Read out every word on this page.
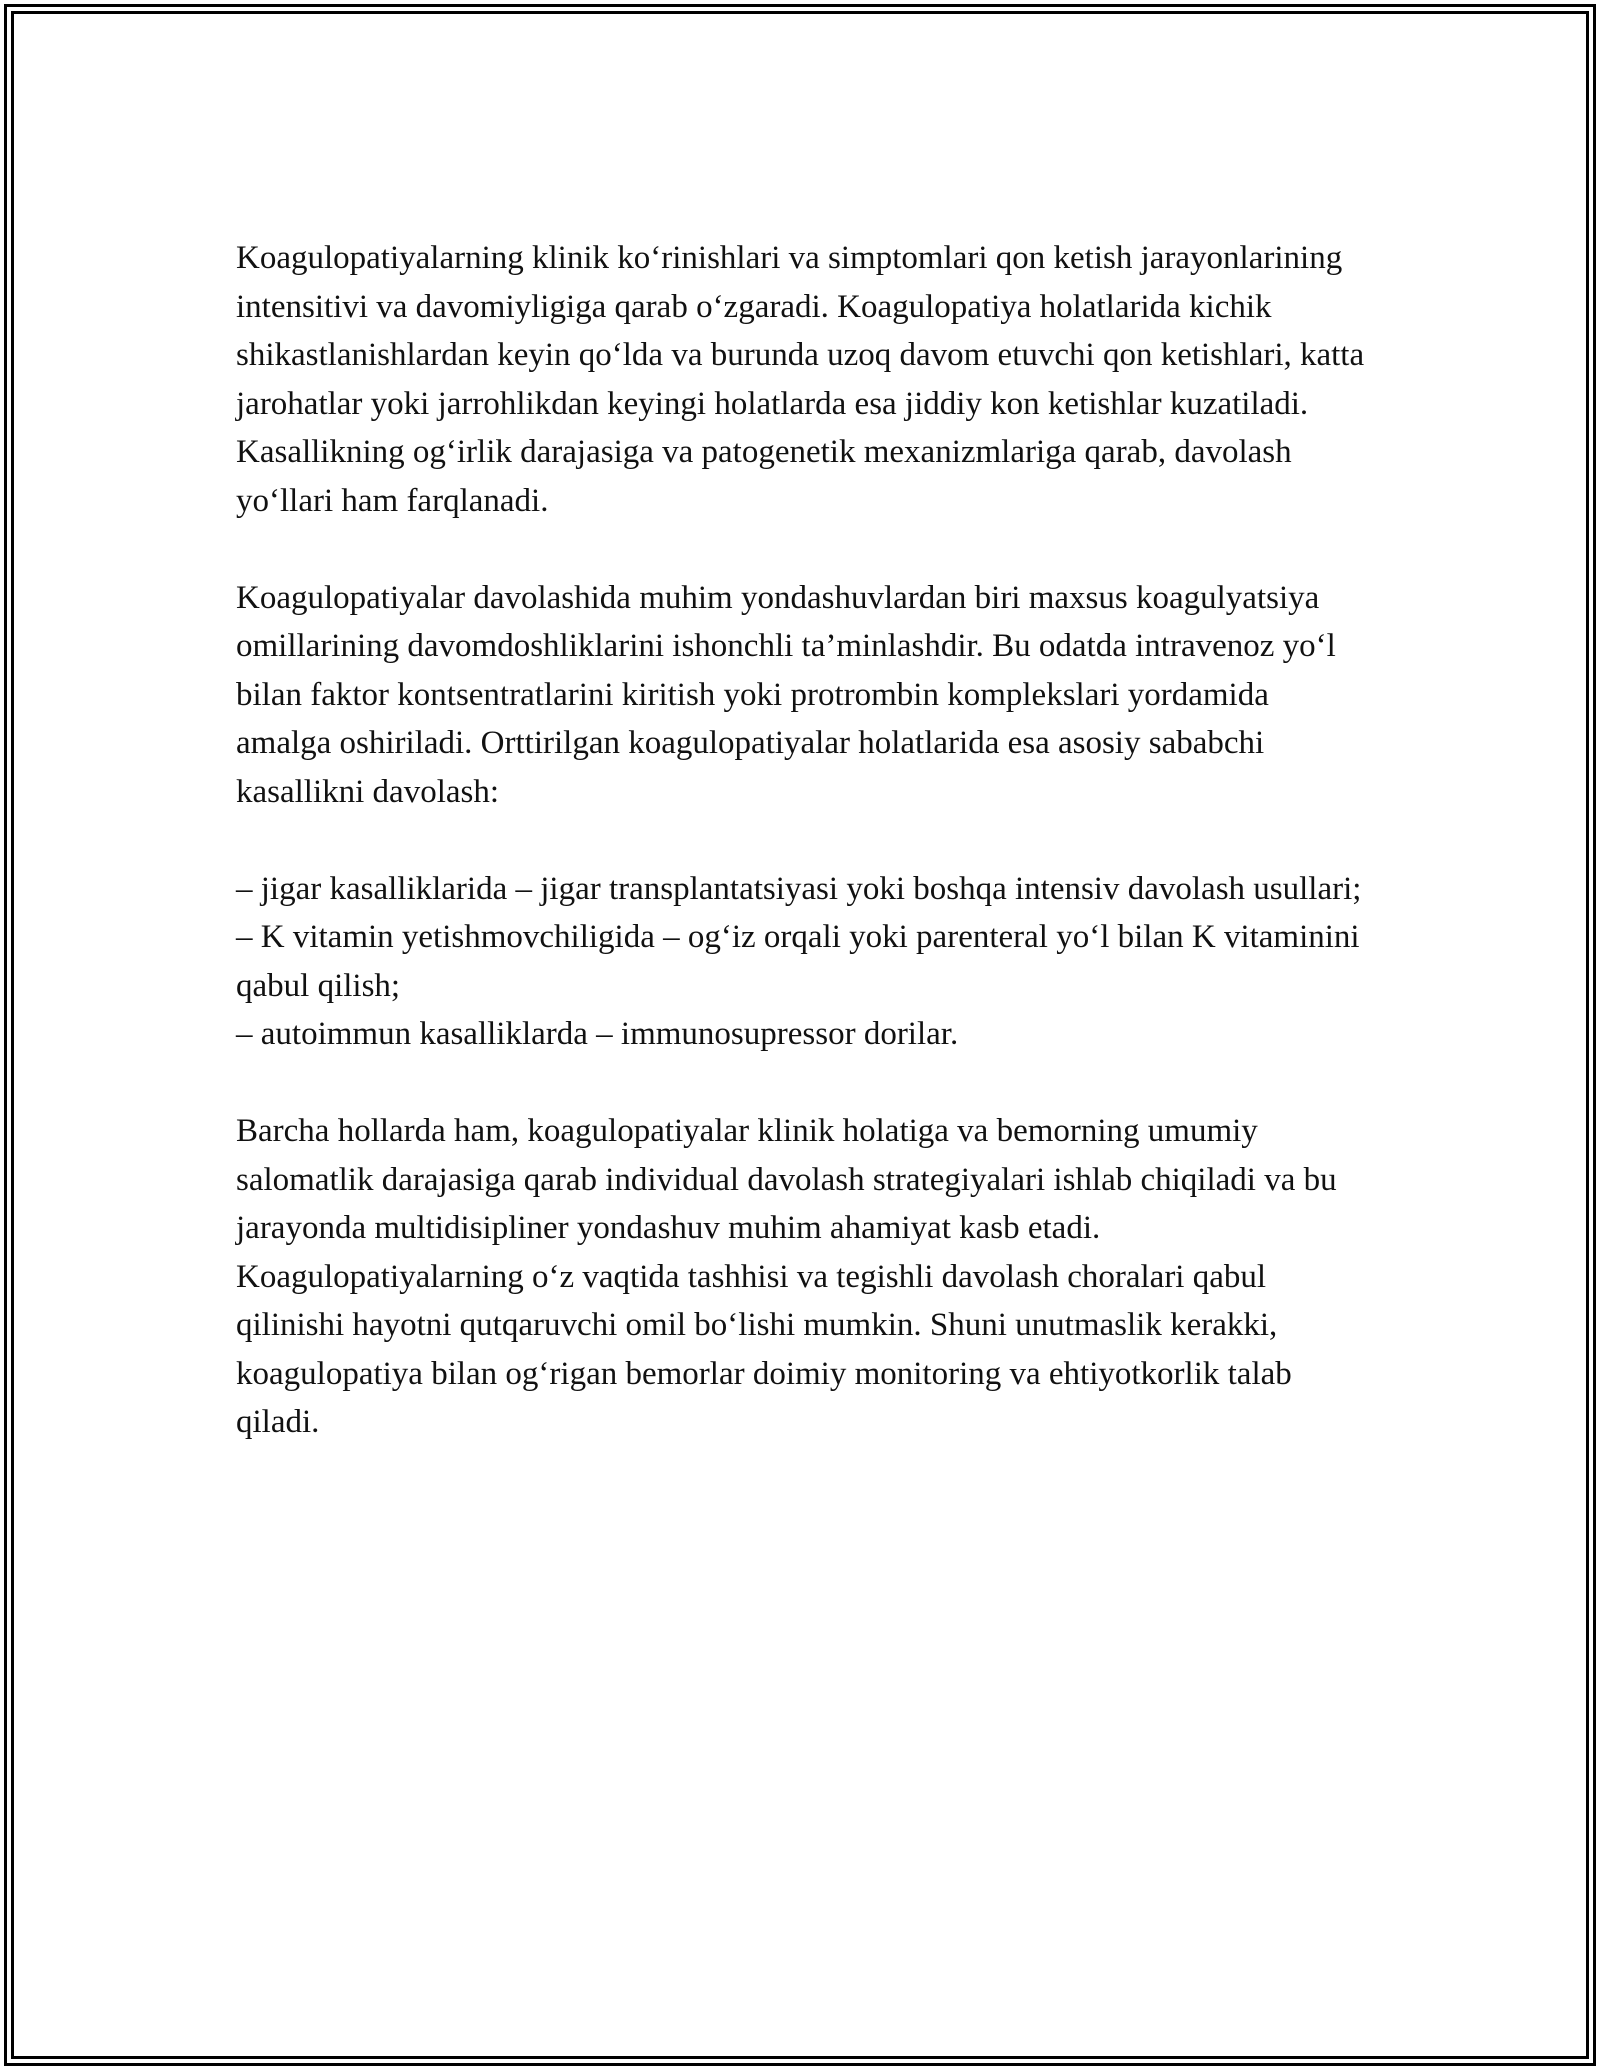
Koagulopatiyalarning klinik ko‘rinishlari va simptomlari qon ketish jarayonlarining intensitivi va davomiyligiga qarab o‘zgaradi. Koagulopatiya holatlarida kichik shikastlanishlardan keyin qo‘lda va burunda uzoq davom etuvchi qon ketishlari, katta jarohatlar yoki jarrohlikdan keyingi holatlarda esa jiddiy kon ketishlar kuzatiladi. Kasallikning og‘irlik darajasiga va patogenetik mexanizmlariga qarab, davolash yo‘llari ham farqlanadi.

Koagulopatiyalar davolashida muhim yondashuvlardan biri maxsus koagulyatsiya omillarining davomdoshliklarini ishonchli ta’minlashdir. Bu odatda intravenoz yo‘l bilan faktor kontsentratlarini kiritish yoki protrombin komplekslari yordamida amalga oshiriladi. Orttirilgan koagulopatiyalar holatlarida esa asosiy sababchi kasallikni davolash:

– jigar kasalliklarida – jigar transplantatsiyasi yoki boshqa intensiv davolash usullari;
– K vitamin yetishmovchiligida – og‘iz orqali yoki parenteral yo‘l bilan K vitaminini qabul qilish;
– autoimmun kasalliklarda – immunosupressor dorilar.

Barcha hollarda ham, koagulopatiyalar klinik holatiga va bemorning umumiy salomatlik darajasiga qarab individual davolash strategiyalari ishlab chiqiladi va bu jarayonda multidisipliner yondashuv muhim ahamiyat kasb etadi. Koagulopatiyalarning o‘z vaqtida tashhisi va tegishli davolash choralari qabul qilinishi hayotni qutqaruvchi omil bo‘lishi mumkin. Shuni unutmaslik kerakki, koagulopatiya bilan og‘rigan bemorlar doimiy monitoring va ehtiyotkorlik talab qiladi.
